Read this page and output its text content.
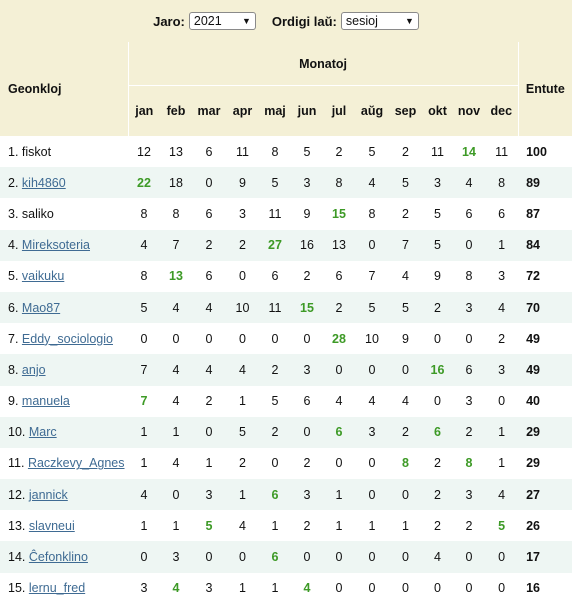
Jaro: 2021 ▼ Ordigi laŭ: sesioj	▼
Geonkloj	Monatoj												Entute
	jan	feb	mar	apr	maj	jun	jul	aŭg	sep	okt	nov	dec	
1. fiskot	12	13	6	11	8	5	2	5	2	11	14	11	100
2. kih4860	22	18	0	9	5	3	8	4	5	3	4	8	89
3. saliko	8	8	6	3	11	9	15	8	2	5	6	6	87
4. Mireksoteria	4	7	2	2	27	16	13	0	7	5	0	1	84
5. vaikuku	8	13	6	0	6	2	6	7	4	9	8	3	72
6. Mao87	5	4	4	10	11	15	2	5	5	2	3	4	70
7. Eddy_sociologio	0	0	0	0	0	0	28	10	9	0	0	2	49
8. anjo	7	4	4	4	2	3	0	0	0	16	6	3	49
9. manuela	7	4	2	1	5	6	4	4	4	0	3	0	40
10. Marc	1	1	0	5	2	0	6	3	2	6	2	1	29
11. Raczkevy_Agnes	1	4	1	2	0	2	0	0	8	2	8	1	29
12. jannick	4	0	3	1	6	3	1	0	0	2	3	4	27
13. slavneui	1	1	5	4	1	2	1	1	1	2	2	5	26
14. Ĉefonklino	0	3	0	0	6	0	0	0	0	4	0	0	17
15. lernu_fred	3	4	3	1	1	4	0	0	0	0	0	0	16
